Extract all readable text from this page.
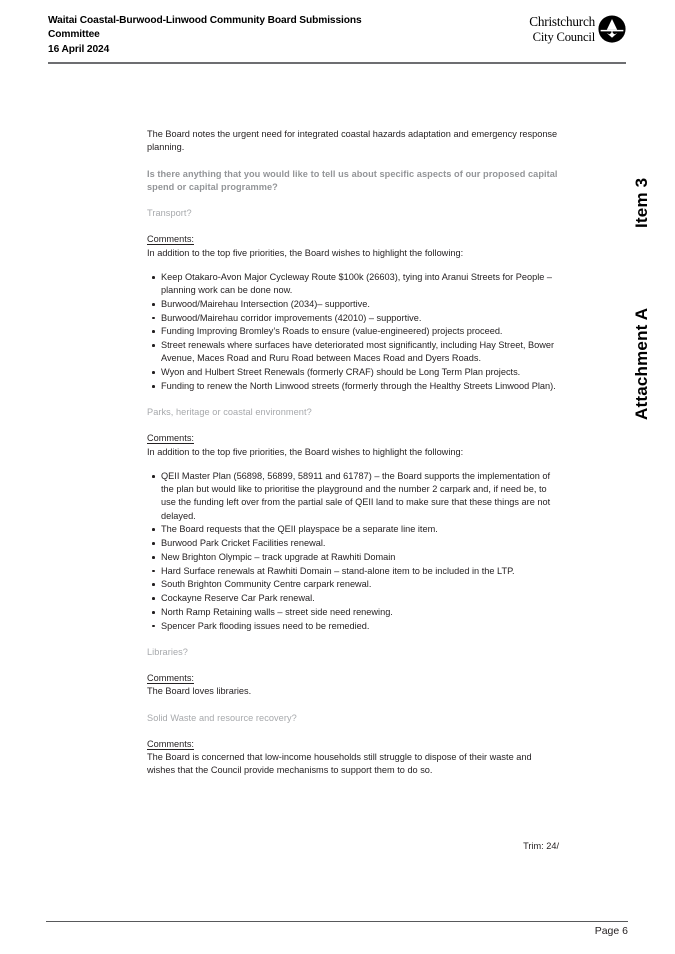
Waitai Coastal-Burwood-Linwood Community Board Submissions
Committee
16 April 2024
Christchurch
City Council
Item 3
Attachment A

The Board notes the urgent need for integrated coastal hazards adaptation and emergency response planning.

Is there anything that you would like to tell us about specific aspects of our proposed capital spend or capital programme?

Transport?

Comments:

In addition to the top five priorities, the Board wishes to highlight the following:

Keep Otakaro-Avon Major Cycleway Route $100k (26603), tying into Aranui Streets for People – planning work can be done now.
Burwood/Mairehau Intersection (2034)– supportive.
Burwood/Mairehau corridor improvements (42010) – supportive.
Funding Improving Bromley’s Roads to ensure (value-engineered) projects proceed.
Street renewals where surfaces have deteriorated most significantly, including Hay Street, Bower Avenue, Maces Road and Ruru Road between Maces Road and Dyers Roads.
Wyon and Hulbert Street Renewals (formerly CRAF) should be Long Term Plan projects.
Funding to renew the North Linwood streets (formerly through the Healthy Streets Linwood Plan).

Parks, heritage or coastal environment?

Comments:

In addition to the top five priorities, the Board wishes to highlight the following:

QEII Master Plan (56898, 56899, 58911 and 61787) – the Board supports the implementation of the plan but would like to prioritise the playground and the number 2 carpark and, if need be, to use the funding left over from the partial sale of QEII land to make sure that these things are not delayed.
The Board requests that the QEII playspace be a separate line item.
Burwood Park Cricket Facilities renewal.
New Brighton Olympic – track upgrade at Rawhiti Domain
Hard Surface renewals at Rawhiti Domain – stand-alone item to be included in the LTP.
South Brighton Community Centre carpark renewal.
Cockayne Reserve Car Park renewal.
North Ramp Retaining walls – street side need renewing.
Spencer Park flooding issues need to be remedied.

Libraries?

Comments:

The Board loves libraries.

Solid Waste and resource recovery?

Comments:

The Board is concerned that low-income households still struggle to dispose of their waste and wishes that the Council provide mechanisms to support them to do so.

Trim: 24/
Page 6
